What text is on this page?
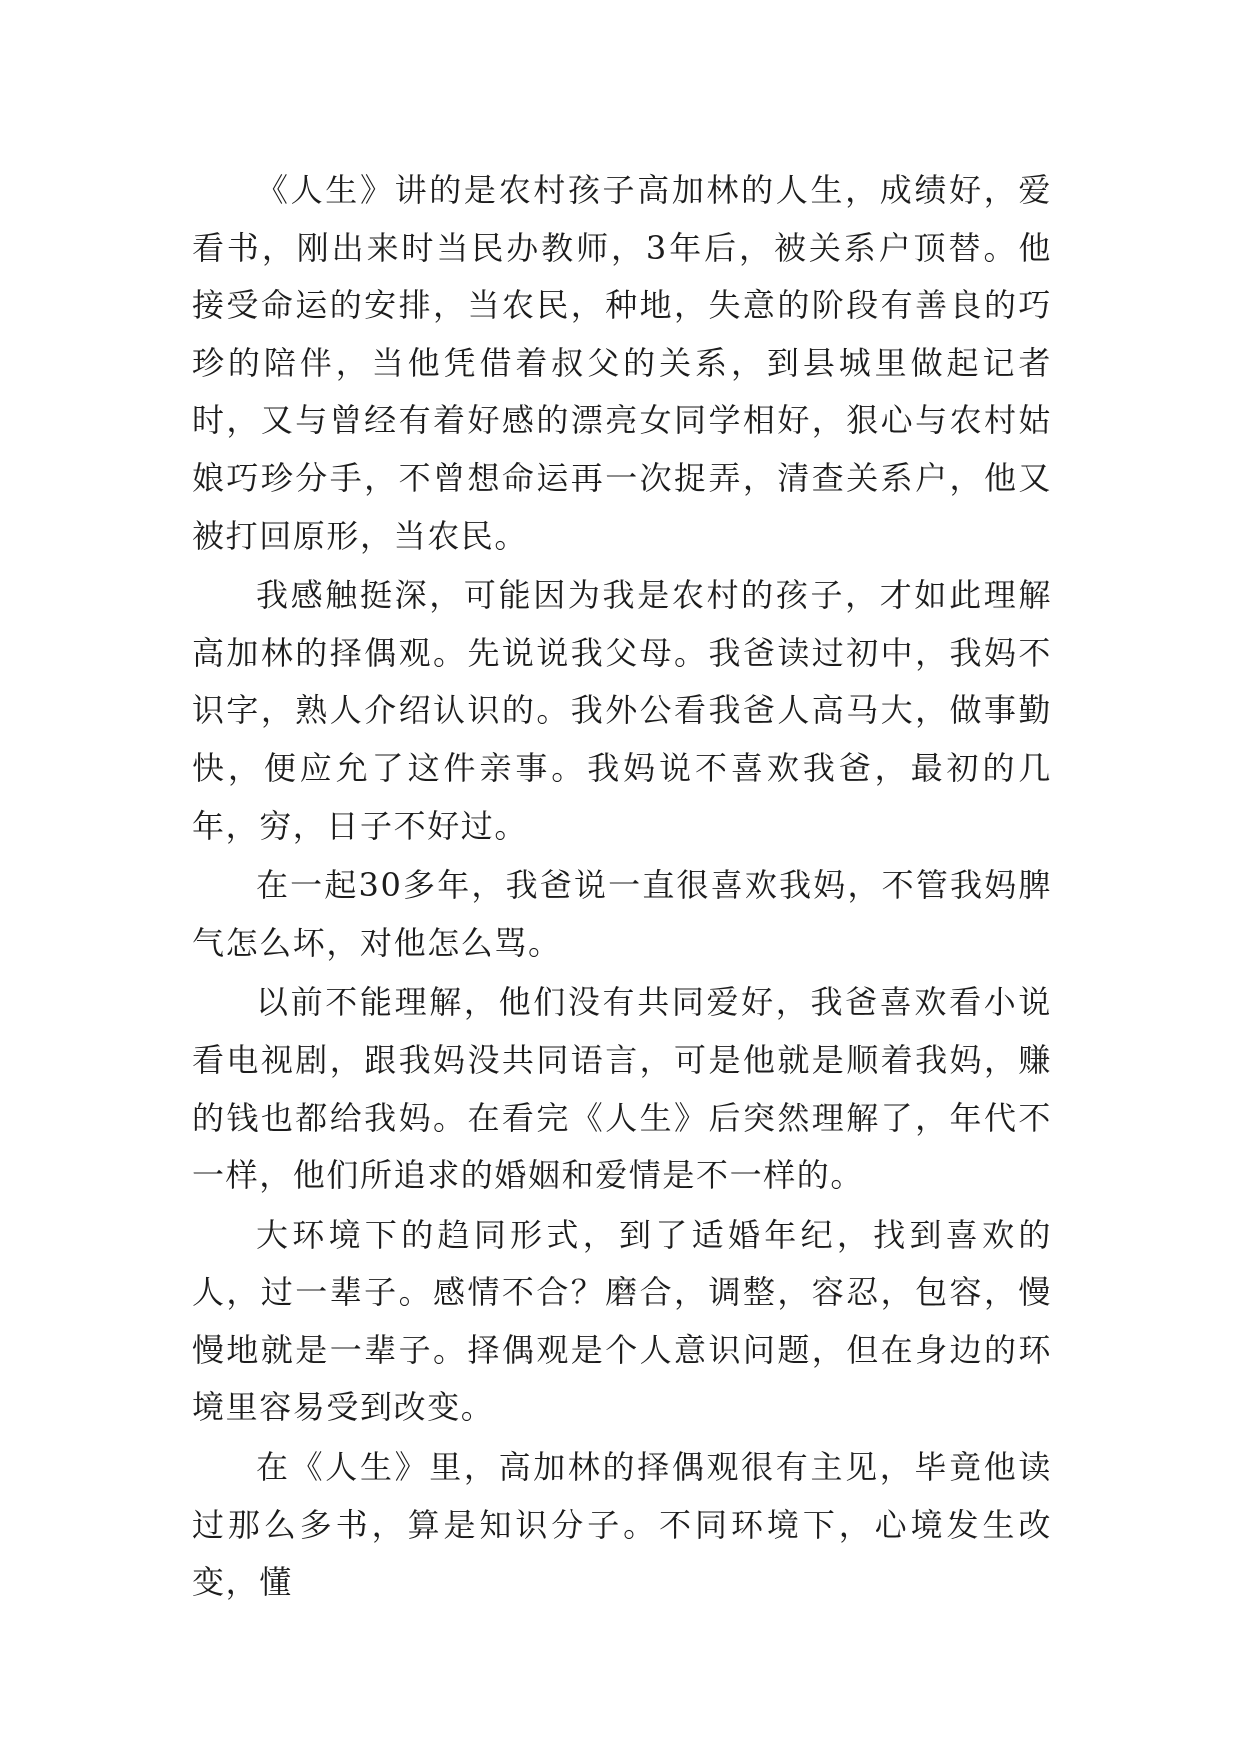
《人生》讲的是农村孩子高加林的人生，成绩好，爱看书，刚出来时当民办教师，3年后，被关系户顶替。他接受命运的安排，当农民，种地，失意的阶段有善良的巧珍的陪伴，当他凭借着叔父的关系，到县城里做起记者时，又与曾经有着好感的漂亮女同学相好，狠心与农村姑娘巧珍分手，不曾想命运再一次捉弄，清查关系户，他又被打回原形，当农民。

我感触挺深，可能因为我是农村的孩子，才如此理解高加林的择偶观。先说说我父母。我爸读过初中，我妈不识字，熟人介绍认识的。我外公看我爸人高马大，做事勤快，便应允了这件亲事。我妈说不喜欢我爸，最初的几年，穷，日子不好过。

在一起30多年，我爸说一直很喜欢我妈，不管我妈脾气怎么坏，对他怎么骂。

以前不能理解，他们没有共同爱好，我爸喜欢看小说看电视剧，跟我妈没共同语言，可是他就是顺着我妈，赚的钱也都给我妈。在看完《人生》后突然理解了，年代不一样，他们所追求的婚姻和爱情是不一样的。

大环境下的趋同形式，到了适婚年纪，找到喜欢的人，过一辈子。感情不合？磨合，调整，容忍，包容，慢慢地就是一辈子。择偶观是个人意识问题，但在身边的环境里容易受到改变。

在《人生》里，高加林的择偶观很有主见，毕竟他读过那么多书，算是知识分子。不同环境下，心境发生改变，懂
